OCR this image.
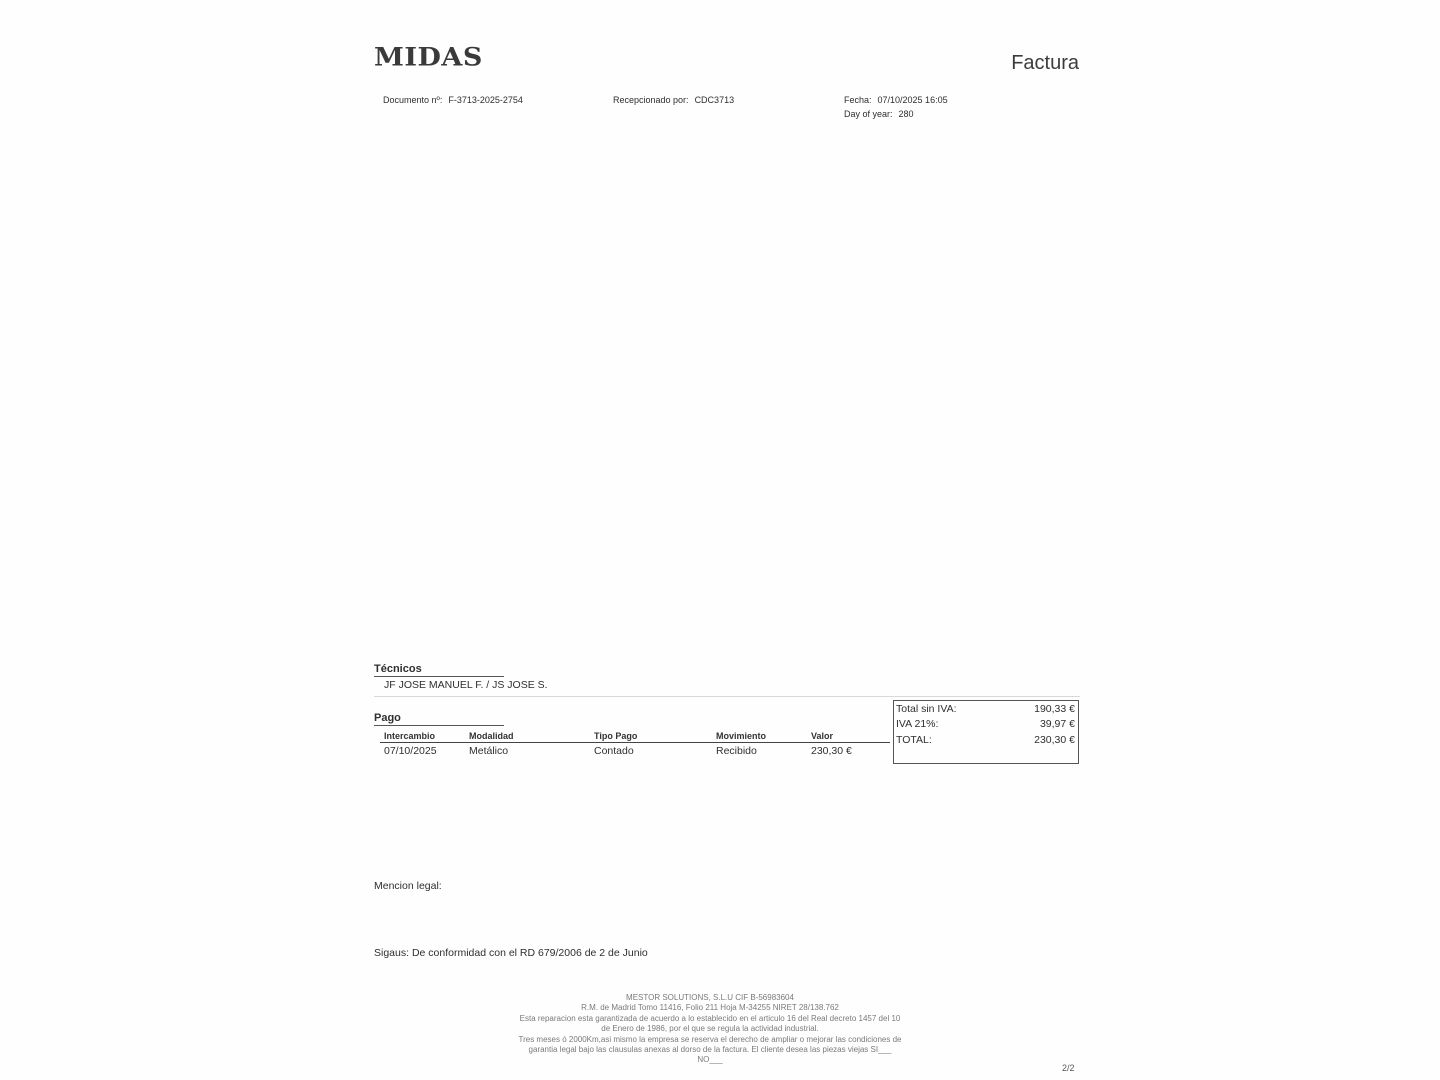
MIDAS	Factura
Documento nº: F-3713-2025-2754	Recepcionado por: CDC3713	Fecha: 07/10/2025 16:05
Day of year: 280
Técnicos
JF JOSE MANUEL F. / JS JOSE S.
Pago
Intercambio	Modalidad	Tipo Pago	Movimiento	Valor
07/10/2025	Metálico	Contado	Recibido	230,30 €
Total sin IVA:	190,33 €
IVA 21%:	39,97 €
TOTAL:	230,30 €
Mencion legal:
Sigaus: De conformidad con el RD 679/2006 de 2 de Junio
MESTOR SOLUTIONS, S.L.U CIF B-56983604
R.M. de Madrid Tomo 11416, Folio 211 Hoja M-34255 NIRET 28/138.762
Esta reparacion esta garantizada de acuerdo a lo establecido en el articulo 16 del Real decreto 1457 del 10
de Enero de 1986, por el que se regula la actividad industrial.
Tres meses ó 2000Km,asi mismo la empresa se reserva el derecho de ampliar o mejorar las condiciones de
garantia legal bajo las clausulas anexas al dorso de la factura. El cliente desea las piezas viejas SI___
NO___
2/2
